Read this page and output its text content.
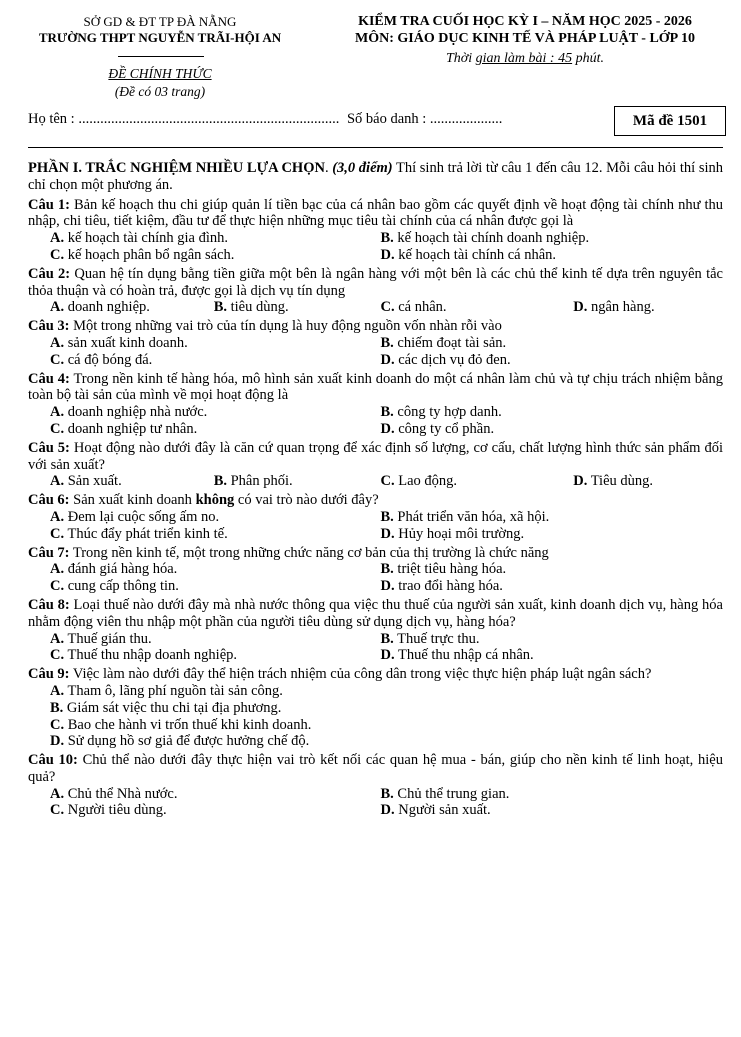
SỞ GD & ĐT TP ĐÀ NẴNG
TRƯỜNG THPT NGUYỄN TRÃI-HỘI AN
ĐỀ CHÍNH THỨC
(Đề có 03 trang)
KIỂM TRA CUỐI HỌC KỲ I – NĂM HỌC 2025 - 2026
MÔN: GIÁO DỤC KINH TẾ VÀ PHÁP LUẬT - LỚP 10
Thời gian làm bài : 45 phút.
Họ tên : ........................................................................ Số báo danh : ....................	Mã đề 1501
PHẦN I. TRẮC NGHIỆM NHIỀU LỰA CHỌN. (3,0 điểm) Thí sinh trả lời từ câu 1 đến câu 12. Mỗi câu hỏi thí sinh chỉ chọn một phương án.
Câu 1: Bản kế hoạch thu chi giúp quản lí tiền bạc của cá nhân bao gồm các quyết định về hoạt động tài chính như thu nhập, chi tiêu, tiết kiệm, đầu tư để thực hiện những mục tiêu tài chính của cá nhân được gọi là
A. kế hoạch tài chính gia đình.	B. kế hoạch tài chính doanh nghiệp.
C. kế hoạch phân bổ ngân sách.	D. kế hoạch tài chính cá nhân.
Câu 2: Quan hệ tín dụng bằng tiền giữa một bên là ngân hàng với một bên là các chủ thể kinh tế dựa trên nguyên tắc thỏa thuận và có hoàn trả, được gọi là dịch vụ tín dụng
A. doanh nghiệp.	B. tiêu dùng.	C. cá nhân.	D. ngân hàng.
Câu 3: Một trong những vai trò của tín dụng là huy động nguồn vốn nhàn rỗi vào
A. sản xuất kinh doanh.	B. chiếm đoạt tài sản.
C. cá độ bóng đá.	D. các dịch vụ đỏ đen.
Câu 4: Trong nền kinh tế hàng hóa, mô hình sản xuất kinh doanh do một cá nhân làm chủ và tự chịu trách nhiệm bằng toàn bộ tài sản của mình về mọi hoạt động là
A. doanh nghiệp nhà nước.	B. công ty hợp danh.
C. doanh nghiệp tư nhân.	D. công ty cổ phần.
Câu 5: Hoạt động nào dưới đây là căn cứ quan trọng để xác định số lượng, cơ cấu, chất lượng hình thức sản phẩm đối với sản xuất?
A. Sản xuất.	B. Phân phối.	C. Lao động.	D. Tiêu dùng.
Câu 6: Sản xuất kinh doanh không có vai trò nào dưới đây?
A. Đem lại cuộc sống ấm no.	B. Phát triển văn hóa, xã hội.
C. Thúc đẩy phát triển kinh tế.	D. Hủy hoại môi trường.
Câu 7: Trong nền kinh tế, một trong những chức năng cơ bản của thị trường là chức năng
A. đánh giá hàng hóa.	B. triệt tiêu hàng hóa.
C. cung cấp thông tin.	D. trao đổi hàng hóa.
Câu 8: Loại thuế nào dưới đây mà nhà nước thông qua việc thu thuế của người sản xuất, kinh doanh dịch vụ, hàng hóa nhằm động viên thu nhập một phần của người tiêu dùng sử dụng dịch vụ, hàng hóa?
A. Thuế gián thu.	B. Thuế trực thu.
C. Thuế thu nhập doanh nghiệp.	D. Thuế thu nhập cá nhân.
Câu 9: Việc làm nào dưới đây thể hiện trách nhiệm của công dân trong việc thực hiện pháp luật ngân sách?
A. Tham ô, lãng phí nguồn tài sản công.
B. Giám sát việc thu chi tại địa phương.
C. Bao che hành vi trốn thuế khi kinh doanh.
D. Sử dụng hồ sơ giả để được hưởng chế độ.
Câu 10: Chủ thể nào dưới đây thực hiện vai trò kết nối các quan hệ mua - bán, giúp cho nền kinh tế linh hoạt, hiệu quả?
A. Chủ thể Nhà nước.	B. Chủ thể trung gian.
C. Người tiêu dùng.	D. Người sản xuất.
